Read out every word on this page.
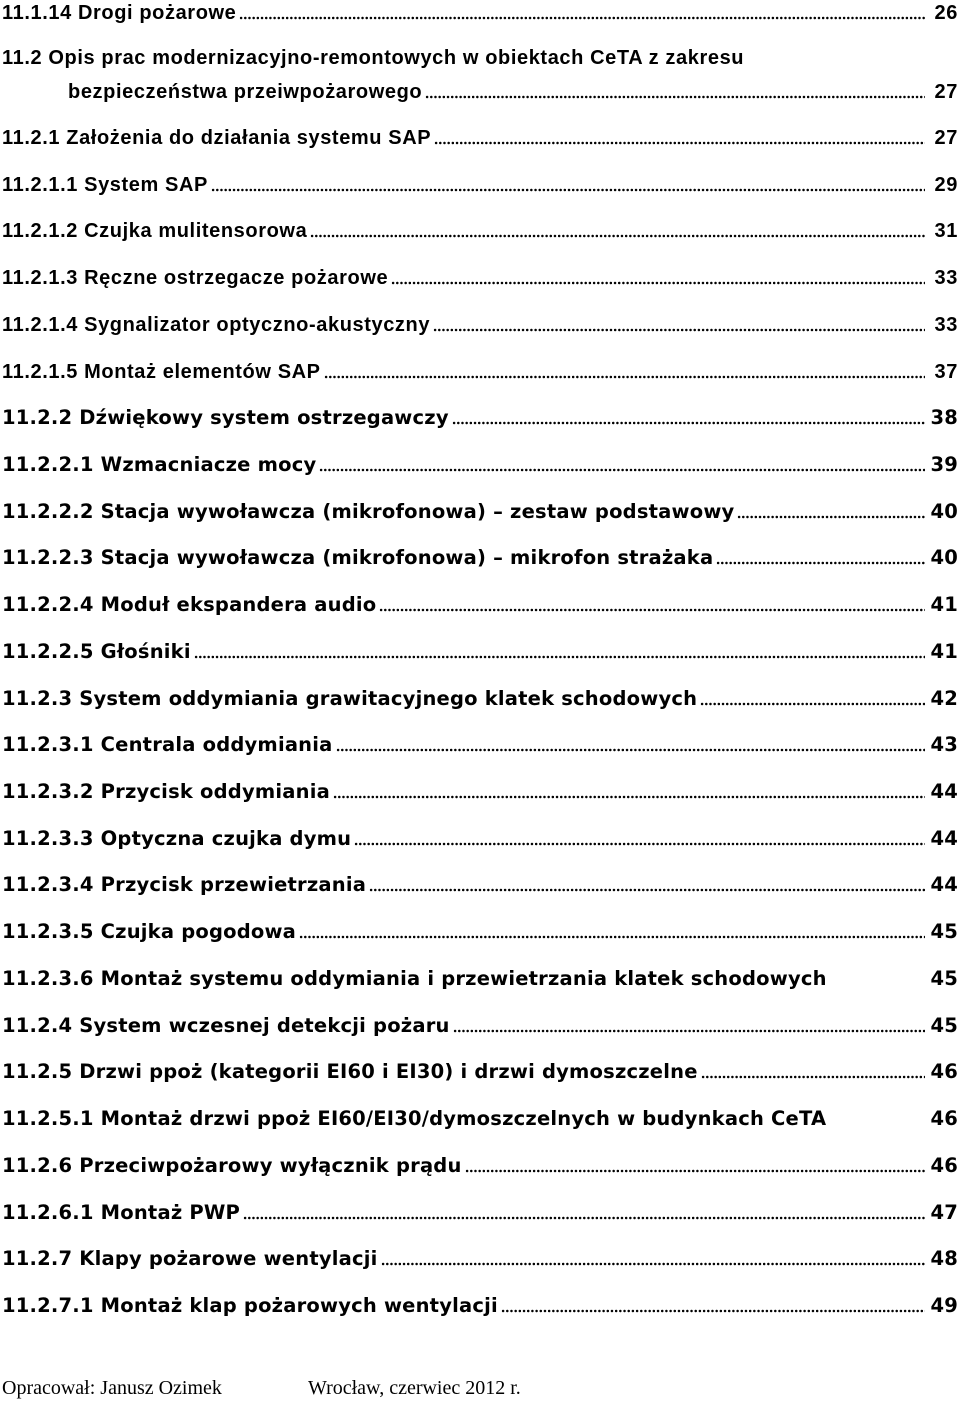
11.1.14 Drogi pożarowe	26
11.2 Opis prac modernizacyjno-remontowych w obiektach CeTA z zakresu
bezpieczeństwa przeiwpożarowego	27
11.2.1 Założenia do działania systemu SAP	27
11.2.1.1 System SAP	29
11.2.1.2 Czujka mulitensorowa	31
11.2.1.3 Ręczne ostrzegacze pożarowe	33
11.2.1.4 Sygnalizator optyczno-akustyczny	33
11.2.1.5 Montaż elementów SAP	37
11.2.2 Dźwiękowy system ostrzegawczy	38
11.2.2.1 Wzmacniacze mocy	39
11.2.2.2 Stacja wywoławcza (mikrofonowa) – zestaw podstawowy	40
11.2.2.3 Stacja wywoławcza (mikrofonowa) – mikrofon strażaka	40
11.2.2.4 Moduł ekspandera audio	41
11.2.2.5 Głośniki	41
11.2.3 System oddymiania grawitacyjnego klatek schodowych	42
11.2.3.1 Centrala oddymiania	43
11.2.3.2 Przycisk oddymiania	44
11.2.3.3 Optyczna czujka dymu	44
11.2.3.4 Przycisk przewietrzania	44
11.2.3.5 Czujka pogodowa	45
11.2.3.6 Montaż systemu oddymiania i przewietrzania klatek schodowych	45
11.2.4 System wczesnej detekcji pożaru	45
11.2.5 Drzwi ppoż (kategorii EI60 i EI30) i drzwi dymoszczelne	46
11.2.5.1 Montaż drzwi ppoż EI60/EI30/dymoszczelnych w budynkach CeTA	46
11.2.6 Przeciwpożarowy wyłącznik prądu	46
11.2.6.1 Montaż PWP	47
11.2.7 Klapy pożarowe wentylacji	48
11.2.7.1 Montaż klap pożarowych wentylacji	49
Opracował: Janusz Ozimek	Wrocław, czerwiec 2012 r.
